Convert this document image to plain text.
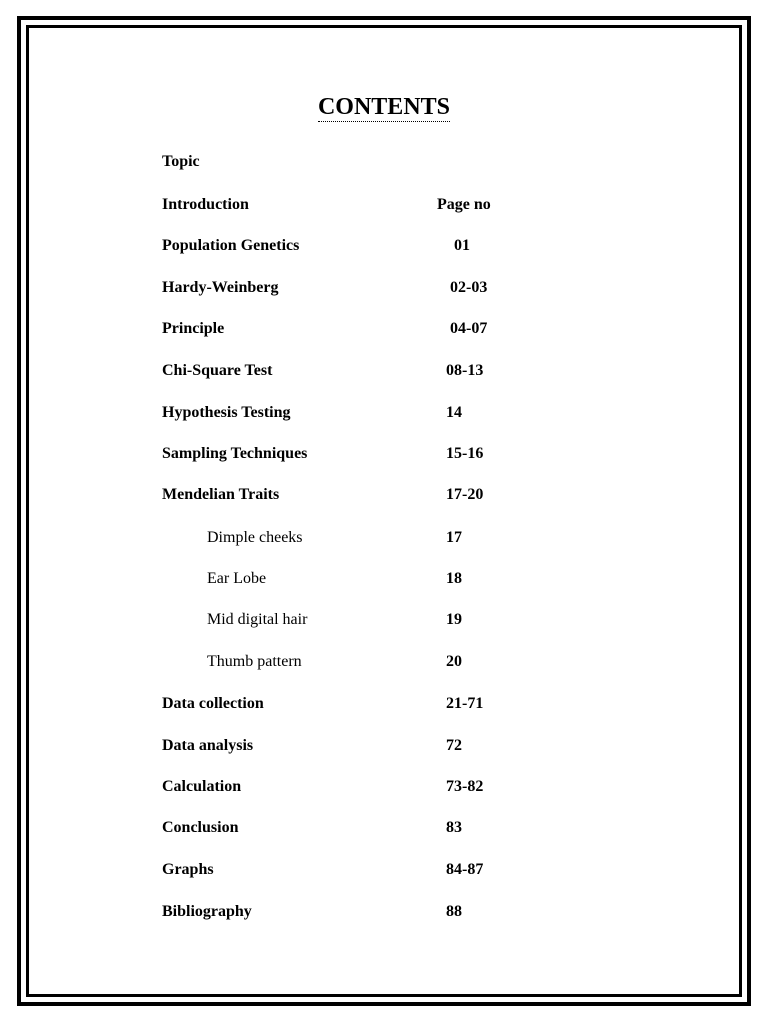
CONTENTS
Topic
Introduction	Page no
Population Genetics	01
Hardy-Weinberg	02-03
Principle	04-07
Chi-Square Test	08-13
Hypothesis Testing	14
Sampling Techniques	15-16
Mendelian Traits	17-20
Dimple cheeks	17
Ear Lobe	18
Mid digital hair	19
Thumb pattern	20
Data collection	21-71
Data analysis	72
Calculation	73-82
Conclusion	83
Graphs	84-87
Bibliography	88
